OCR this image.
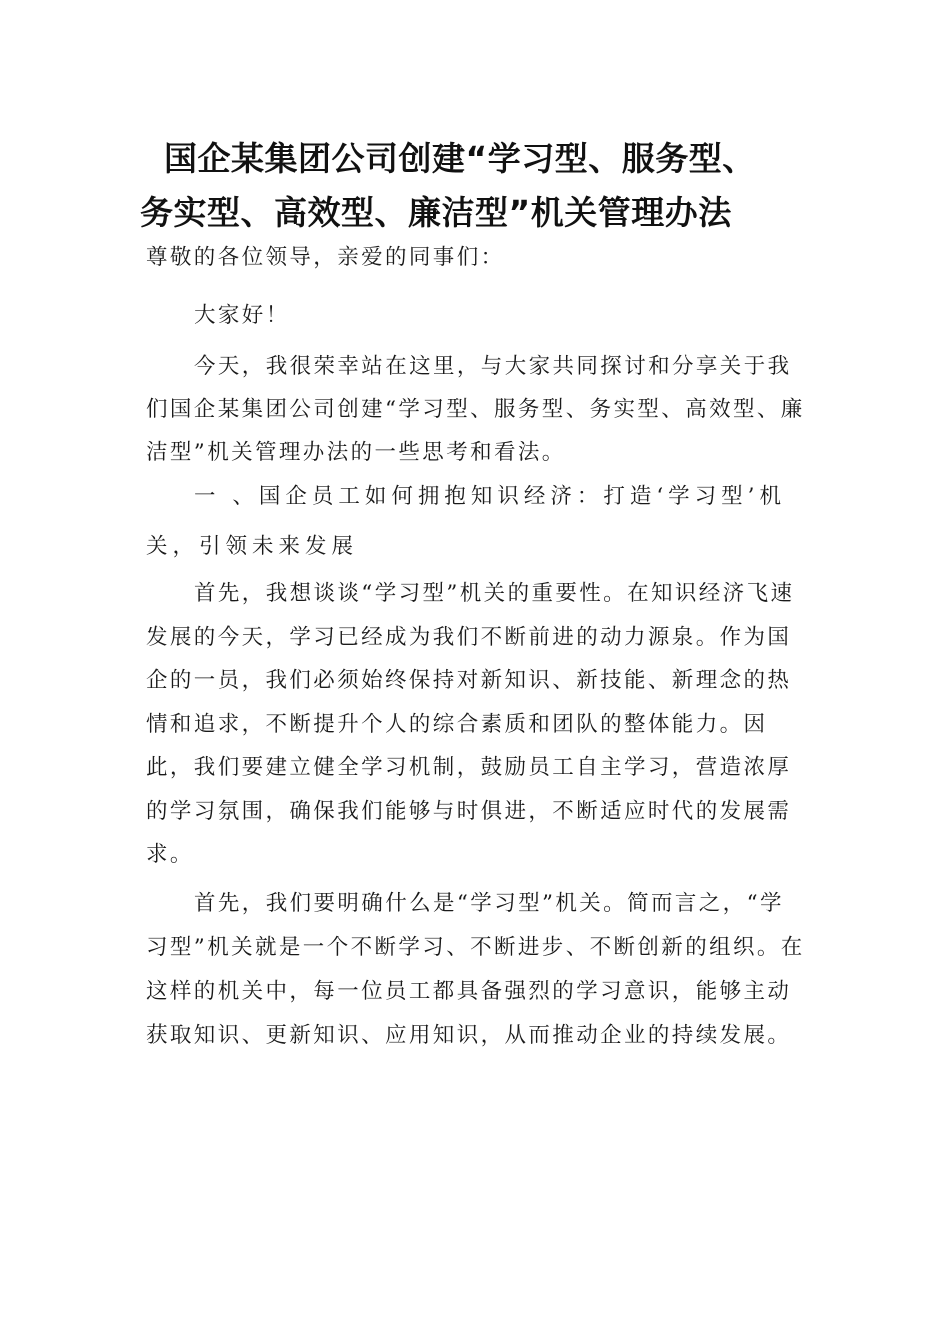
国企某集团公司创建“学习型、服务型、
务实型、高效型、廉洁型”机关管理办法

尊敬的各位领导，亲爱的同事们：

大家好！

今天，我很荣幸站在这里，与大家共同探讨和分享关于我们国企某集团公司创建“学习型、服务型、务实型、高效型、廉洁型”机关管理办法的一些思考和看法。

一 、国企员工如何拥抱知识经济：打造‘学习型’机关，引领未来发展

首先，我想谈谈“学习型”机关的重要性。在知识经济飞速发展的今天，学习已经成为我们不断前进的动力源泉。作为国企的一员，我们必须始终保持对新知识、新技能、新理念的热情和追求，不断提升个人的综合素质和团队的整体能力。因此，我们要建立健全学习机制，鼓励员工自主学习，营造浓厚的学习氛围，确保我们能够与时俱进，不断适应时代的发展需求。

首先，我们要明确什么是“学习型”机关。简而言之，“学习型”机关就是一个不断学习、不断进步、不断创新的组织。在这样的机关中，每一位员工都具备强烈的学习意识，能够主动获取知识、更新知识、应用知识，从而推动企业的持续发展。
